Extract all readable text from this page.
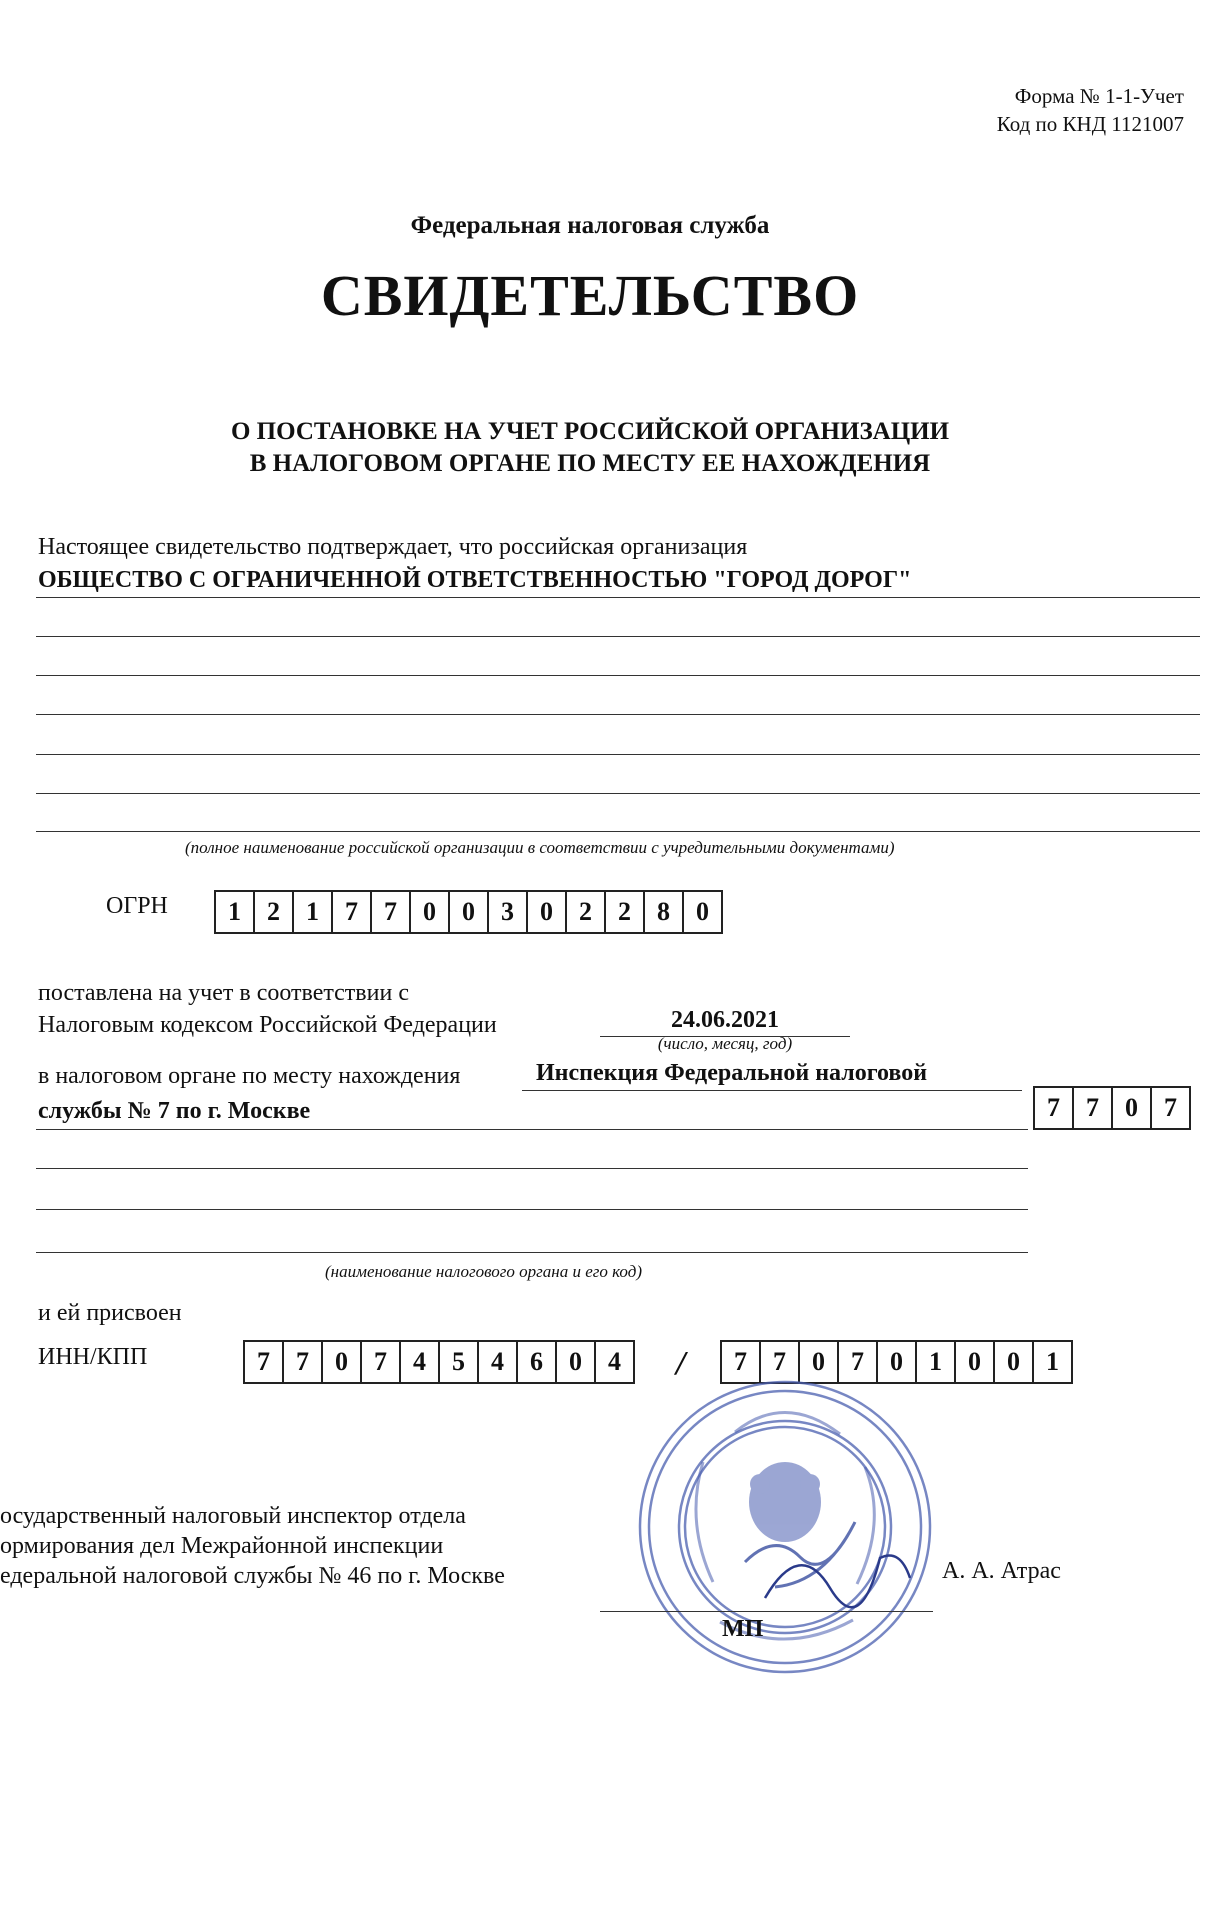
Форма № 1-1-Учет
Код по КНД 1121007
Федеральная налоговая служба
СВИДЕТЕЛЬСТВО
О ПОСТАНОВКЕ НА УЧЕТ РОССИЙСКОЙ ОРГАНИЗАЦИИ
В НАЛОГОВОМ ОРГАНЕ ПО МЕСТУ ЕЕ НАХОЖДЕНИЯ
Настоящее свидетельство подтверждает, что российская организация
ОБЩЕСТВО С ОГРАНИЧЕННОЙ ОТВЕТСТВЕННОСТЬЮ "ГОРОД ДОРОГ"
(полное наименование российской организации в соответствии с учредительными документами)
ОГРН	1	2	1	7	7	0	0	3	0	2	2	8	0
поставлена на учет в соответствии с
Налоговым кодексом Российской Федерации	24.06.2021
(число, месяц, год)
в налоговом органе по месту нахождения	Инспекция Федеральной налоговой
службы № 7 по г. Москве	7	7	0	7
(наименование налогового органа и его код)
и ей присвоен
ИНН/КПП	7	7	0	7	4	5	4	6	0	4	/	7	7	0	7	0	1	0	0	1
осударственный налоговый инспектор отдела
ормирования дел Межрайонной инспекции
едеральной налоговой службы № 46 по г. Москве	А. А. Атрас
МП
